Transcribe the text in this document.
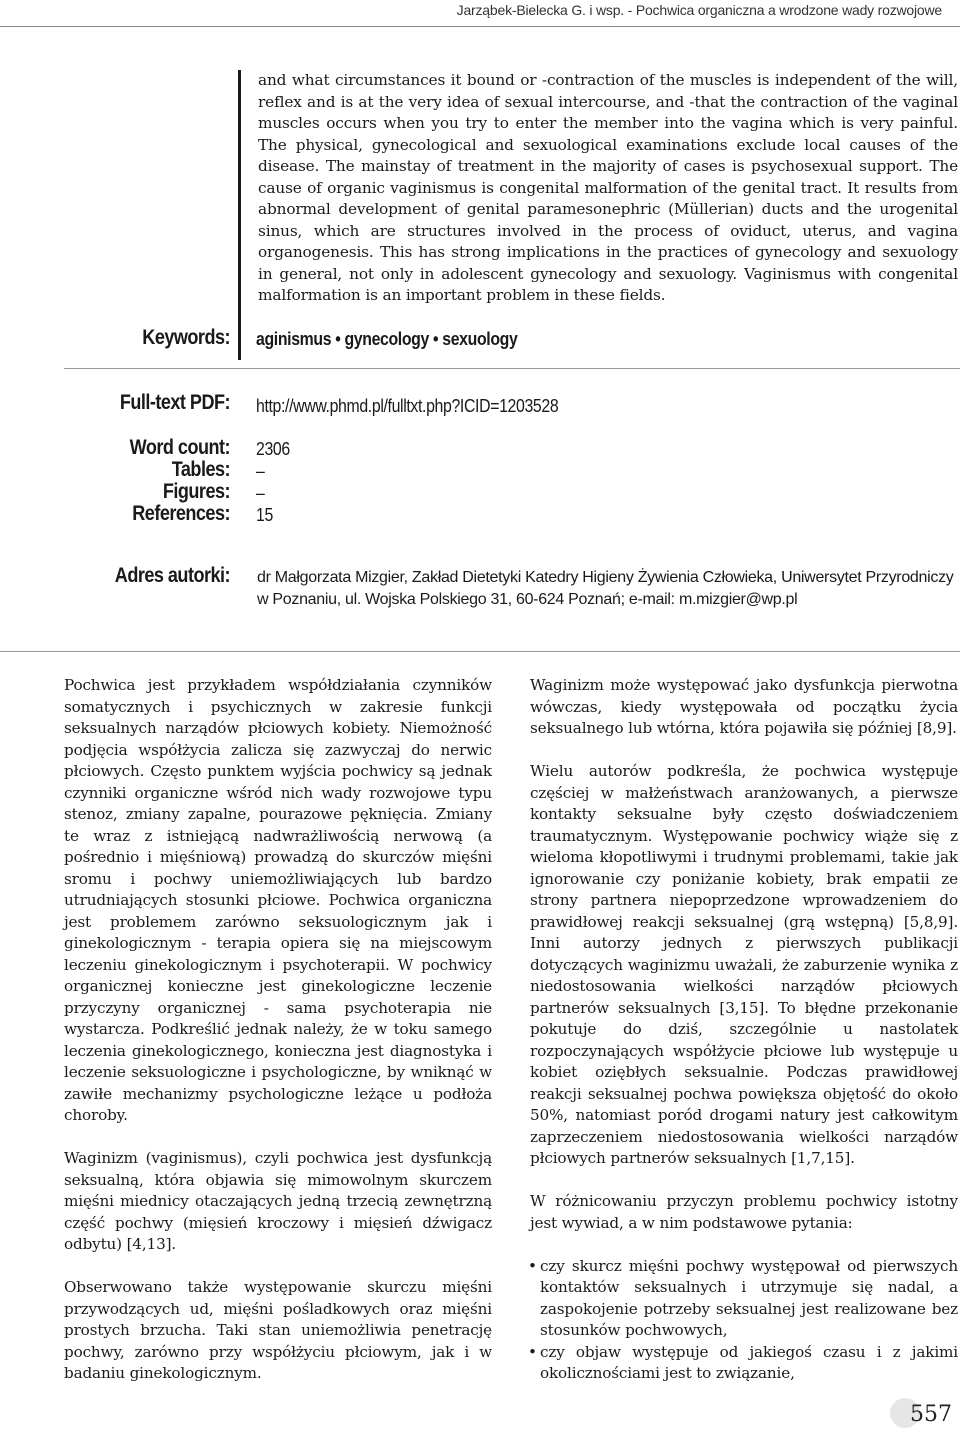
Jarząbek-Bielecka G. i wsp. - Pochwica organiczna a wrodzone wady rozwojowe
and what circumstances it bound or -contraction of the muscles is independent of the will, reflex and is at the very idea of sexual intercourse, and -that the contraction of the vaginal muscles occurs when you try to enter the member into the vagina which is very painful. The physical, gynecological and sexuological examinations exclude local causes of the disease. The mainstay of treatment in the majority of cases is psychosexual support. The cause of organic vaginismus is congenital malformation of the genital tract. It results from abnormal development of genital paramesonephric (Müllerian) ducts and the urogenital sinus, which are structures involved in the process of oviduct, uterus, and vagina organogenesis. This has strong implications in the practices of gynecology and sexuology in general, not only in adolescent gynecology and sexuology. Vaginismus with congenital malformation is an important problem in these fields.
Keywords: aginismus • gynecology • sexuology
Full-text PDF: http://www.phmd.pl/fulltxt.php?ICID=1203528
Word count: 2306
Tables: –
Figures: –
References: 15
Adres autorki: dr Małgorzata Mizgier, Zakład Dietetyki Katedry Higieny Żywienia Człowieka, Uniwersytet Przyrodniczy w Poznaniu, ul. Wojska Polskiego 31, 60-624 Poznań; e-mail: m.mizgier@wp.pl

Pochwica jest przykładem współdziałania czynników somatycznych i psychicznych w zakresie funkcji seksualnych narządów płciowych kobiety. Niemożność podjęcia współżycia zalicza się zazwyczaj do nerwic płciowych. Często punktem wyjścia pochwicy są jednak czynniki organiczne wśród nich wady rozwojowe typu stenoz, zmiany zapalne, pourazowe pęknięcia. Zmiany te wraz z istniejącą nadwrażliwością nerwową (a pośrednio i mięśniową) prowadzą do skurczów mięśni sromu i pochwy uniemożliwiających lub bardzo utrudniających stosunki płciowe. Pochwica organiczna jest problemem zarówno seksuologicznym jak i ginekologicznym - terapia opiera się na miejscowym leczeniu ginekologicznym i psychoterapii. W pochwicy organicznej konieczne jest ginekologiczne leczenie przyczyny organicznej - sama psychoterapia nie wystarcza. Podkreślić jednak należy, że w toku samego leczenia ginekologicznego, konieczna jest diagnostyka i leczenie seksuologiczne i psychologiczne, by wniknąć w zawiłe mechanizmy psychologiczne leżące u podłoża choroby.

Waginizm (vaginismus), czyli pochwica jest dysfunkcją seksualną, która objawia się mimowolnym skurczem mięśni miednicy otaczających jedną trzecią zewnętrzną część pochwy (mięsień kroczowy i mięsień dźwigacz odbytu) [4,13].

Obserwowano także występowanie skurczu mięśni przywodzących ud, mięśni pośladkowych oraz mięśni prostych brzucha. Taki stan uniemożliwia penetrację pochwy, zarówno przy współżyciu płciowym, jak i w badaniu ginekologicznym.

Waginizm może występować jako dysfunkcja pierwotna wówczas, kiedy występowała od początku życia seksualnego lub wtórna, która pojawiła się później [8,9].

Wielu autorów podkreśla, że pochwica występuje częściej w małżeństwach aranżowanych, a pierwsze kontakty seksualne były często doświadczeniem traumatycznym. Występowanie pochwicy wiąże się z wieloma kłopotliwymi i trudnymi problemami, takie jak ignorowanie czy poniżanie kobiety, brak empatii ze strony partnera niepoprzedzone wprowadzeniem do prawidłowej reakcji seksualnej (grą wstępną) [5,8,9]. Inni autorzy jednych z pierwszych publikacji dotyczących waginizmu uważali, że zaburzenie wynika z niedostosowania wielkości narządów płciowych partnerów seksualnych [3,15]. To błędne przekonanie pokutuje do dziś, szczególnie u nastolatek rozpoczynających współżycie płciowe lub występuje u kobiet oziębłych seksualnie. Podczas prawidłowej reakcji seksualnej pochwa powiększa objętość do około 50%, natomiast poród drogami natury jest całkowitym zaprzeczeniem niedostosowania wielkości narządów płciowych partnerów seksualnych [1,7,15].

W różnicowaniu przyczyn problemu pochwicy istotny jest wywiad, a w nim podstawowe pytania:

• czy skurcz mięśni pochwy występował od pierwszych kontaktów seksualnych i utrzymuje się nadal, a zaspokojenie potrzeby seksualnej jest realizowane bez stosunków pochwowych,
• czy objaw występuje od jakiegoś czasu i z jakimi okolicznościami jest to związanie,
557
